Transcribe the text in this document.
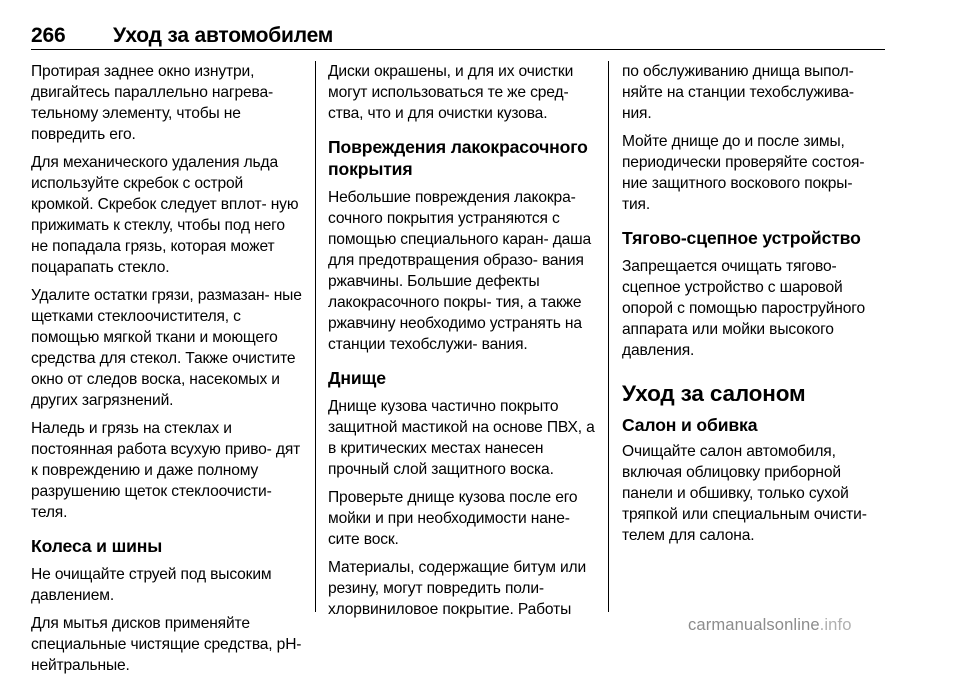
266	Уход за автомобилем

Протирая заднее окно изнутри, двигайтесь параллельно нагрева- тельному элементу, чтобы не повредить его.

Для механического удаления льда используйте скребок с острой кромкой. Скребок следует вплот- ную прижимать к стеклу, чтобы под него не попадала грязь, которая может поцарапать стекло.

Удалите остатки грязи, размазан- ные щетками стеклоочистителя, с помощью мягкой ткани и моющего средства для стекол. Также очистите окно от следов воска, насекомых и других загрязнений.

Наледь и грязь на стеклах и постоянная работа всухую приво- дят к повреждению и даже полному разрушению щеток стеклоочисти- теля.

Колеса и шины

Не очищайте струей под высоким давлением.

Для мытья дисков применяйте специальные чистящие средства, pH-нейтральные.

Диски окрашены, и для их очистки могут использоваться те же сред- ства, что и для очистки кузова.

Повреждения лакокрасочного покрытия

Небольшие повреждения лакокра- сочного покрытия устраняются с помощью специального каран- даша для предотвращения образо- вания ржавчины. Большие дефекты лакокрасочного покры- тия, а также ржавчину необходимо устранять на станции техобслужи- вания.

Днище

Днище кузова частично покрыто защитной мастикой на основе ПВХ, а в критических местах нанесен прочный слой защитного воска.

Проверьте днище кузова после его мойки и при необходимости нане- сите воск.

Материалы, содержащие битум или резину, могут повредить поли- хлорвиниловое покрытие. Работы

по обслуживанию днища выпол- няйте на станции техобслужива- ния.

Мойте днище до и после зимы, периодически проверяйте состоя- ние защитного воскового покры- тия.

Тягово-сцепное устройство

Запрещается очищать тягово- сцепное устройство с шаровой опорой с помощью пароструйного аппарата или мойки высокого давления.

Уход за салоном
Салон и обивка

Очищайте салон автомобиля, включая облицовку приборной панели и обшивку, только сухой тряпкой или специальным очисти- телем для салона.

carmanualsonline.info
